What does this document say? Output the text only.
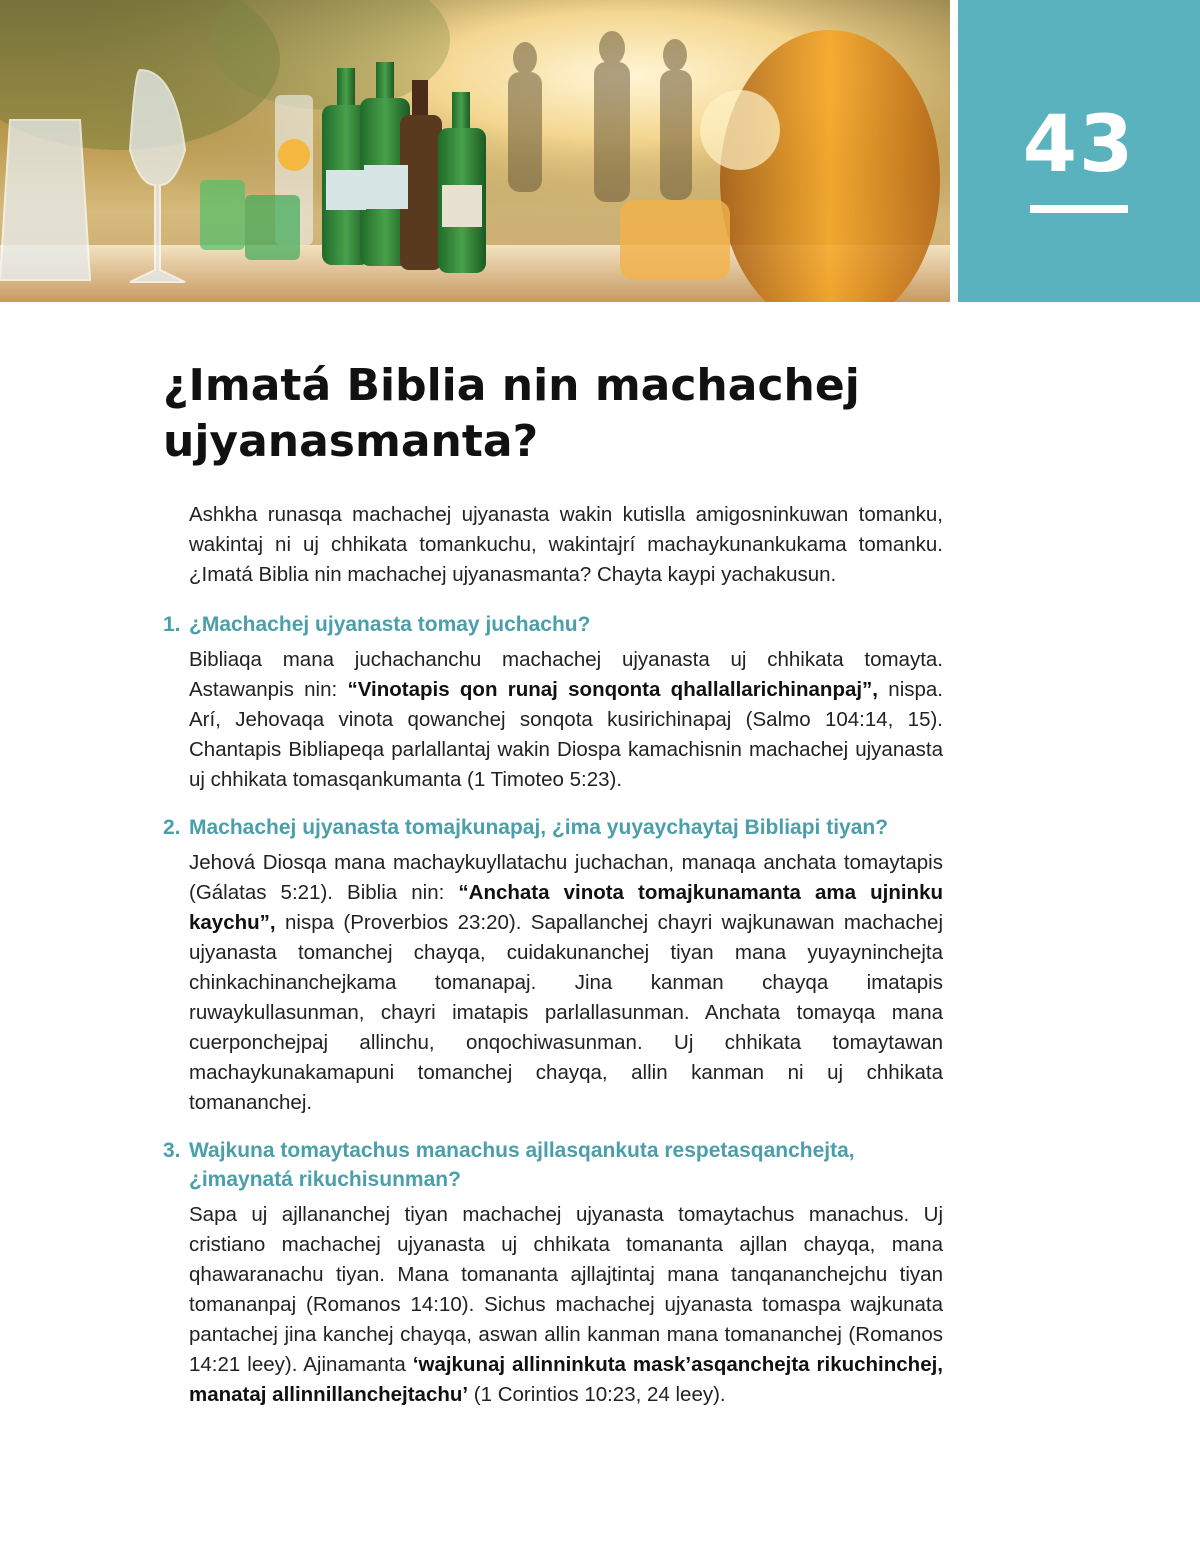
43
¿Imatá Biblia nin machachej
ujyanasmanta?

Ashkha runasqa machachej ujyanasta wakin kutislla amigosninkuwan tomanku, wakintaj ni uj chhikata tomankuchu, wakintajrí machaykunankukama tomanku. ¿Imatá Biblia nin machachej ujyanasmanta? Chayta kaypi yachakusun.

1. ¿Machachej ujyanasta tomay juchachu?

Bibliaqa mana juchachanchu machachej ujyanasta uj chhikata tomayta. Astawanpis nin: “Vinotapis qon runaj sonqonta qhallallarichinanpaj”, nispa. Arí, Jehovaqa vinota qowanchej sonqota kusirichinapaj (Salmo 104:14, 15). Chantapis Bibliapeqa parlallantaj wakin Diospa kamachisnin machachej ujyanasta uj chhikata tomasqankumanta (1 Timoteo 5:23).

2. Machachej ujyanasta tomajkunapaj, ¿ima yuyaychaytaj Bibliapi tiyan?

Jehová Diosqa mana machaykuyllatachu juchachan, manaqa anchata tomaytapis (Gálatas 5:21). Biblia nin: “Anchata vinota tomajkunamanta ama ujninku kaychu”, nispa (Proverbios 23:20). Sapallanchej chayri wajkunawan machachej ujyanasta tomanchej chayqa, cuidakunanchej tiyan mana yuyayninchejta chinkachinanchejkama tomanapaj. Jina kanman chayqa imatapis ruwaykullasunman, chayri imatapis parlallasunman. Anchata tomayqa mana cuerponchejpaj allinchu, onqochiwasunman. Uj chhikata tomaytawan machaykunakamapuni tomanchej chayqa, allin kanman ni uj chhikata tomananchej.

3. Wajkuna tomaytachus manachus ajllasqankuta respetasqanchejta, ¿imaynatá rikuchisunman?

Sapa uj ajllananchej tiyan machachej ujyanasta tomaytachus manachus. Uj cristiano machachej ujyanasta uj chhikata tomananta ajllan chayqa, mana qhawaranachu tiyan. Mana tomananta ajllajtintaj mana tanqananchejchu tiyan tomananpaj (Romanos 14:10). Sichus machachej ujyanasta tomaspa wajkunata pantachej jina kanchej chayqa, aswan allin kanman mana tomananchej (Romanos 14:21 leey). Ajinamanta ‘wajkunaj allinninkuta mask’asqanchejta rikuchinchej, manataj allinnillanchejtachu’ (1 Corintios 10:23, 24 leey).
